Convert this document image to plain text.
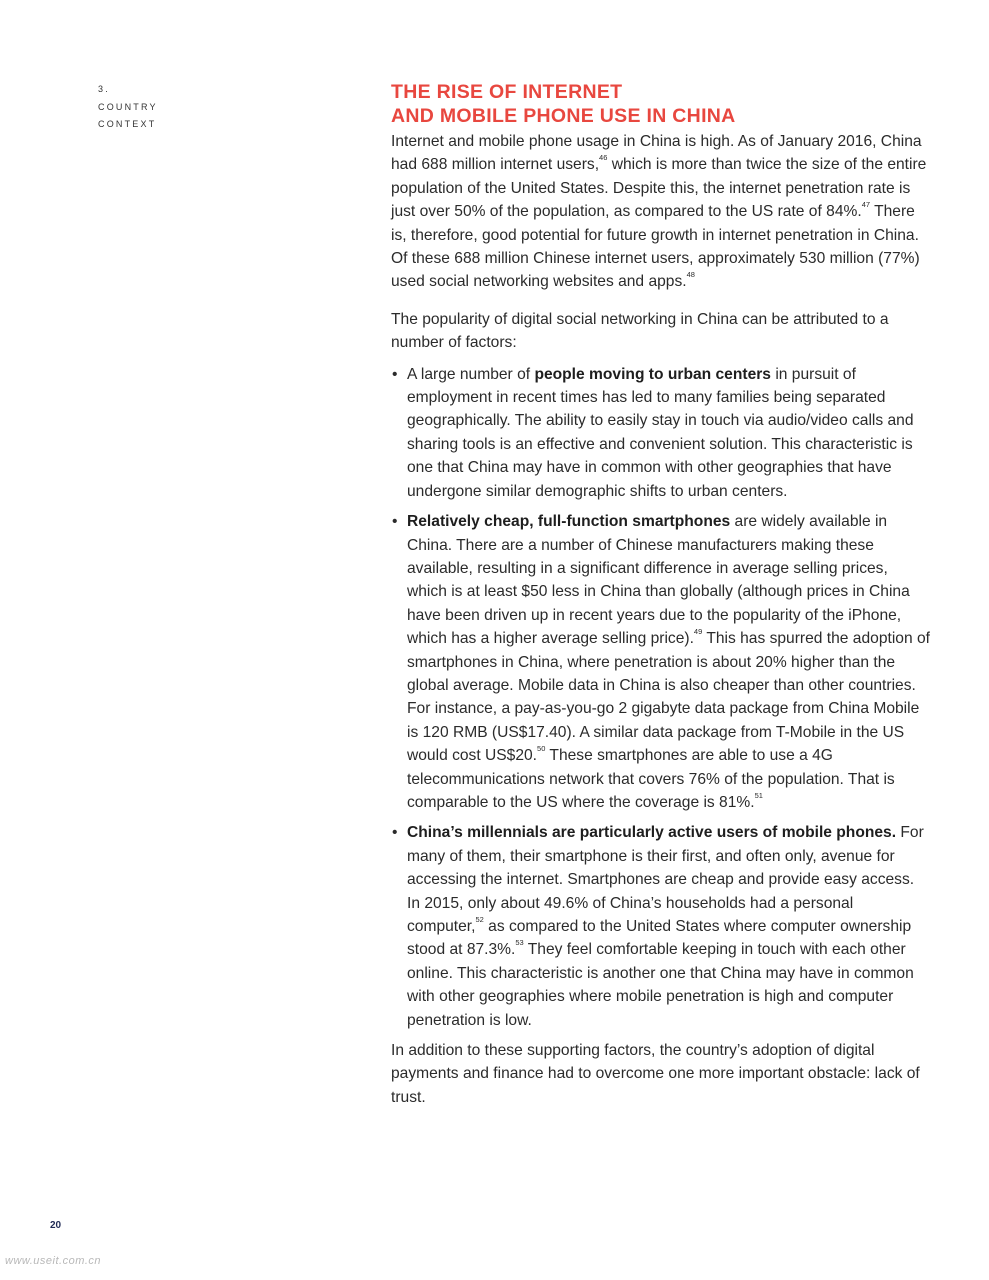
3.
COUNTRY
CONTEXT
THE RISE OF INTERNET
AND MOBILE PHONE USE IN CHINA

Internet and mobile phone usage in China is high. As of January 2016, China had 688 million internet users,$^{46}$ which is more than twice the size of the entire population of the United States. Despite this, the internet penetration rate is just over 50% of the population, as compared to the US rate of 84%.$^{47}$ There is, therefore, good potential for future growth in internet penetration in China. Of these 688 million Chinese internet users, approximately 530 million (77%) used social networking websites and apps.$^{48}$

The popularity of digital social networking in China can be attributed to a number of factors:

• A large number of people moving to urban centers in pursuit of employment in recent times has led to many families being separated geographically. The ability to easily stay in touch via audio/video calls and sharing tools is an effective and convenient solution. This characteristic is one that China may have in common with other geographies that have undergone similar demographic shifts to urban centers.
• Relatively cheap, full-function smartphones are widely available in China. There are a number of Chinese manufacturers making these available, resulting in a significant difference in average selling prices, which is at least $50 less in China than globally (although prices in China have been driven up in recent years due to the popularity of the iPhone, which has a higher average selling price).$^{49}$ This has spurred the adoption of smartphones in China, where penetration is about 20% higher than the global average. Mobile data in China is also cheaper than other countries. For instance, a pay-as-you-go 2 gigabyte data package from China Mobile is 120 RMB (US$17.40). A similar data package from T-Mobile in the US would cost US$20.50 These smartphones are able to use a 4G telecommunications network that covers 76% of the population. That is comparable to the US where the coverage is 81%.$^{51}$
• China’s millennials are particularly active users of mobile phones. For many of them, their smartphone is their first, and often only, avenue for accessing the internet. Smartphones are cheap and provide easy access. In 2015, only about 49.6% of China’s households had a personal computer,$^{52}$ as compared to the United States where computer ownership stood at 87.3%.$^{53}$ They feel comfortable keeping in touch with each other online. This characteristic is another one that China may have in common with other geographies where mobile penetration is high and computer penetration is low.

In addition to these supporting factors, the country’s adoption of digital payments and finance had to overcome one more important obstacle: lack of trust.

20
www.useit.com.cn
